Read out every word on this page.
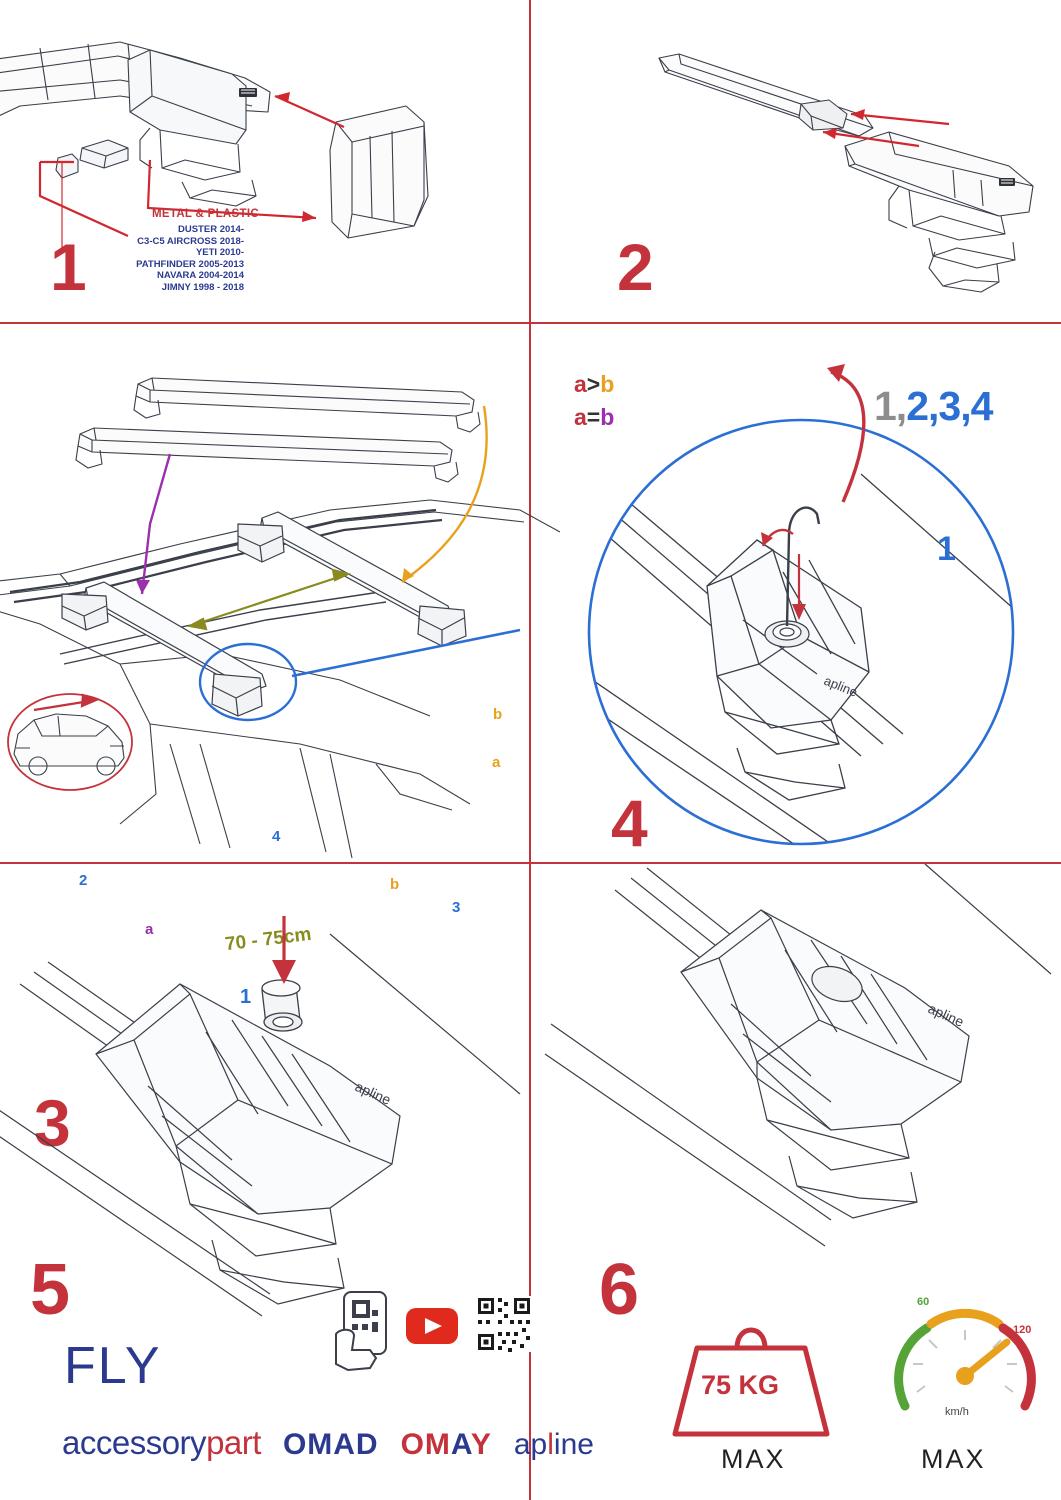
METAL & PLASTIC
DUSTER 2014-
C3-C5 AIRCROSS 2018-
YETI 2010-
PATHFINDER 2005-2013
NAVARA 2004-2014
JIMNY 1998 - 2018
1	2
b
a
a
b
2
3
4
1
70 - 75cm
3
a>b
a=b
apline
1,2,3,4
1
4
apline
5
FLY
accessorypart OMAD OMAY apline
apline
6
75 KG
MAX
60
120
km/h
MAX
